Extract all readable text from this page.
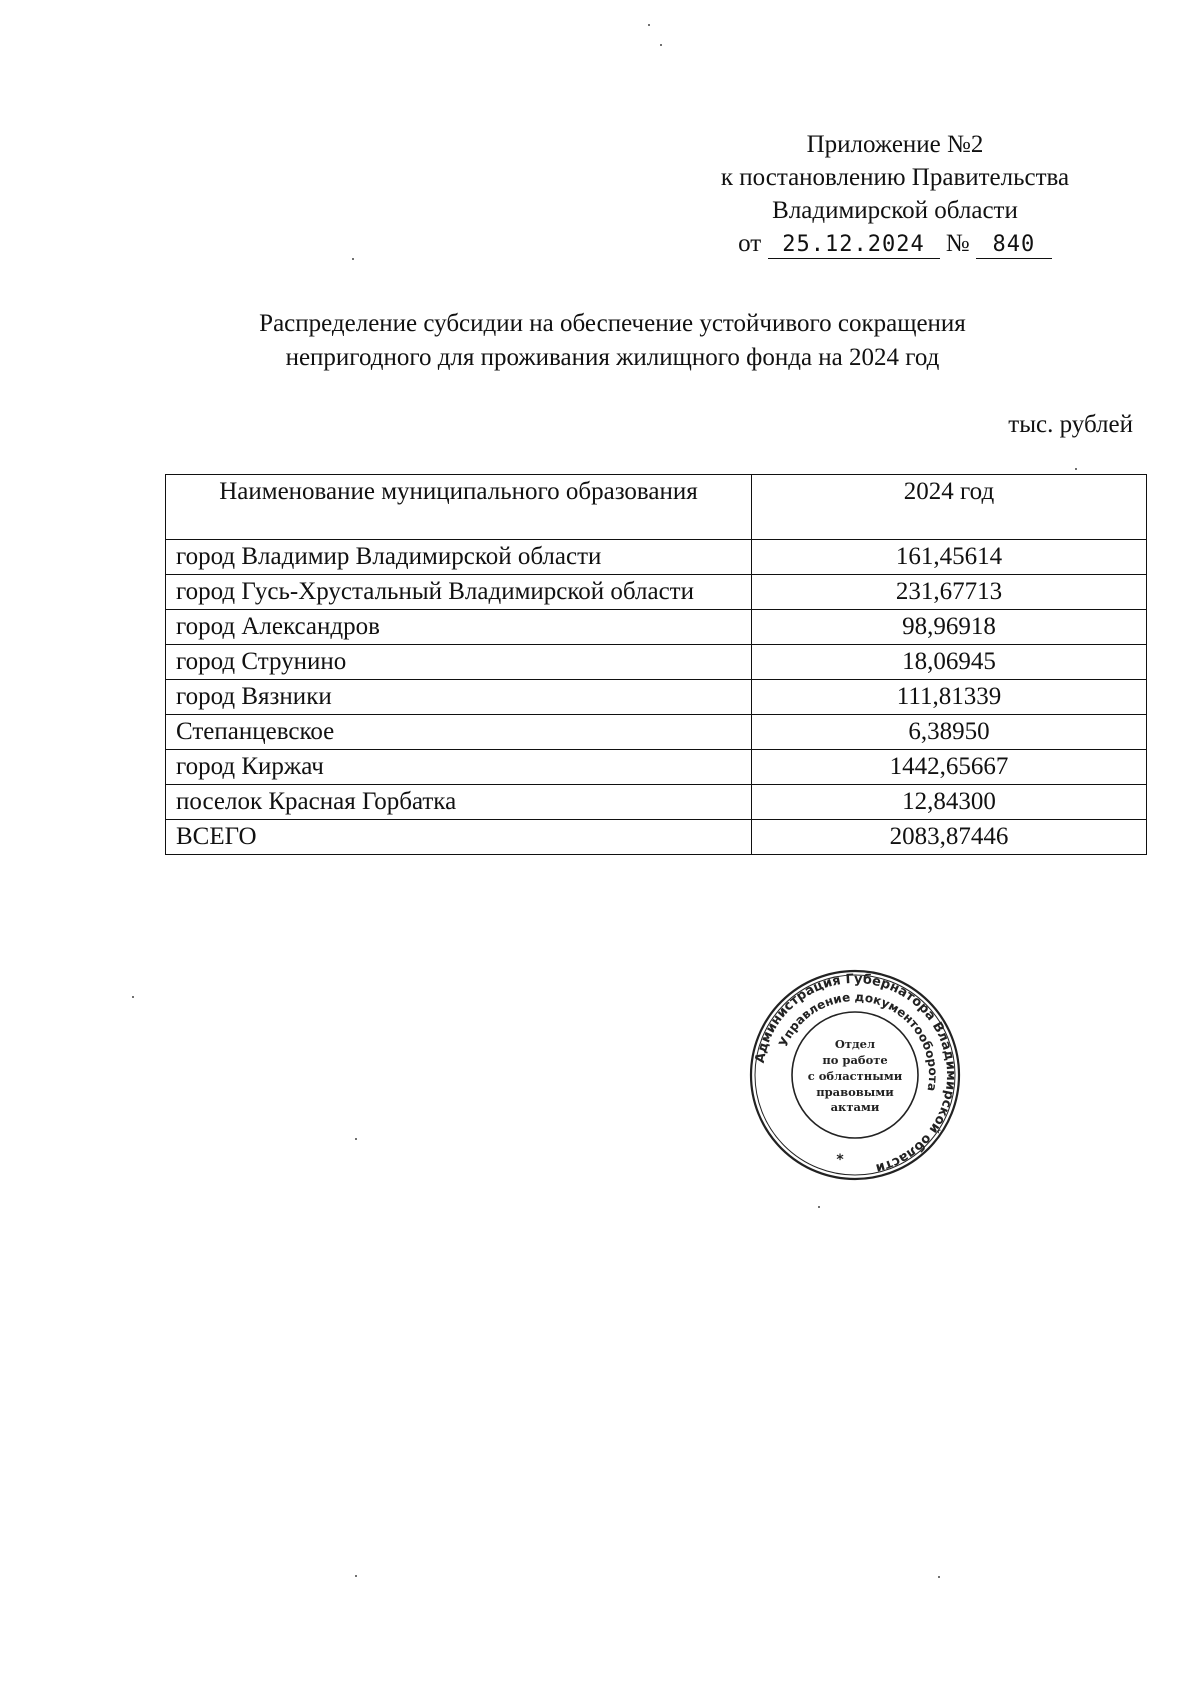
Приложение №2
к постановлению Правительства
Владимирской области
от 25.12.2024 № 840
Распределение субсидии на обеспечение устойчивого сокращения
непригодного для проживания жилищного фонда на 2024 год
тыс. рублей
Наименование муниципального образования	2024 год
город Владимир Владимирской области	161,45614
город Гусь-Хрустальный Владимирской области	231,67713
город Александров	98,96918
город Струнино	18,06945
город Вязники	111,81339
Степанцевское	6,38950
город Киржач	1442,65667
поселок Красная Горбатка	12,84300
ВСЕГО	2083,87446
Администрация Губернатора Владимирской области
Управление документооборота
Отдел
по работе
с областными
правовыми
актами
*
